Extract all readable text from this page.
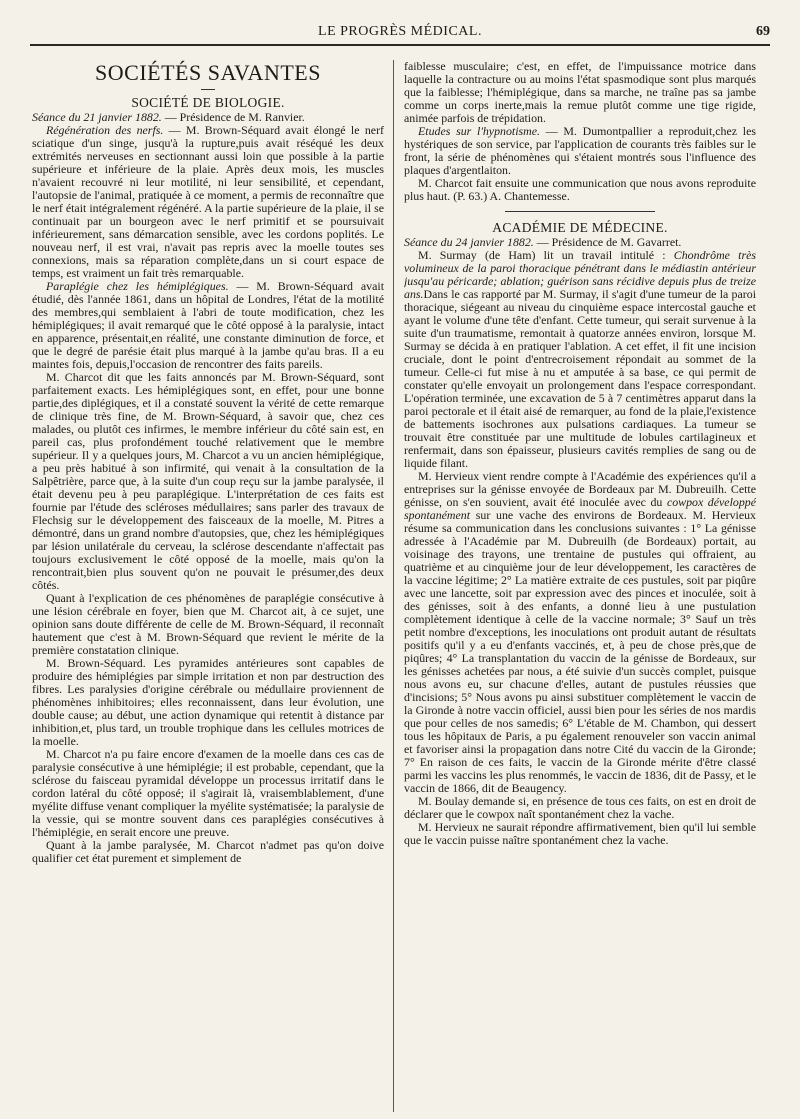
LE PROGRÈS MÉDICAL.	69

SOCIÉTÉS SAVANTES

SOCIÉTÉ DE BIOLOGIE.

Séance du 21 janvier 1882. — Présidence de M. Ranvier.

Régénération des nerfs. — M. Brown-Séquard avait élongé le nerf sciatique d'un singe, jusqu'à la rupture,puis avait réséqué les deux extrémités nerveuses en sectionnant aussi loin que possible à la partie supérieure et inférieure de la plaie. Après deux mois, les muscles n'avaient recouvré ni leur motilité, ni leur sensibilité, et cependant, l'autopsie de l'animal, pratiquée à ce moment, a permis de reconnaître que le nerf était intégralement régénéré. A la partie supérieure de la plaie, il se continuait par un bourgeon avec le nerf primitif et se poursuivait inférieurement, sans démarcation sensible, avec les cordons poplités. Le nouveau nerf, il est vrai, n'avait pas repris avec la moelle toutes ses connexions, mais sa réparation complète,dans un si court espace de temps, est vraiment un fait très remarquable.

Paraplégie chez les hémiplégiques. — M. Brown-Séquard avait étudié, dès l'année 1861, dans un hôpital de Londres, l'état de la motilité des membres,qui semblaient à l'abri de toute modification, chez les hémiplégiques; il avait remarqué que le côté opposé à la paralysie, intact en apparence, présentait,en réalité, une constante diminution de force, et que le degré de parésie était plus marqué à la jambe qu'au bras. Il a eu maintes fois, depuis,l'occasion de rencontrer des faits pareils.

M. Charcot dit que les faits annoncés par M. Brown-Séquard, sont parfaitement exacts. Les hémiplégiques sont, en effet, pour une bonne partie,des diplégiques, et il a constaté souvent la vérité de cette remarque de clinique très fine, de M. Brown-Séquard, à savoir que, chez ces malades, ou plutôt ces infirmes, le membre inférieur du côté sain est, en pareil cas, plus profondément touché relativement que le membre supérieur. Il y a quelques jours, M. Charcot a vu un ancien hémiplégique, a peu près habitué à son infirmité, qui venait à la consultation de la Salpêtrière, parce que, à la suite d'un coup reçu sur la jambe paralysée, il était devenu peu à peu paraplégique. L'interprétation de ces faits est fournie par l'étude des scléroses médullaires; sans parler des travaux de Flechsig sur le développement des faisceaux de la moelle, M. Pitres a démontré, dans un grand nombre d'autopsies, que, chez les hémiplégiques par lésion unilatérale du cerveau, la sclérose descendante n'affectait pas toujours exclusivement le côté opposé de la moelle, mais qu'on la rencontrait,bien plus souvent qu'on ne pouvait le présumer,des deux côtés.

Quant à l'explication de ces phénomènes de paraplégie consécutive à une lésion cérébrale en foyer, bien que M. Charcot ait, à ce sujet, une opinion sans doute différente de celle de M. Brown-Séquard, il reconnaît hautement que c'est à M. Brown-Séquard que revient le mérite de la première constatation clinique.

M. Brown-Séquard. Les pyramides antérieures sont capables de produire des hémiplégies par simple irritation et non par destruction des fibres. Les paralysies d'origine cérébrale ou médullaire proviennent de phénomènes inhibitoires; elles reconnaissent, dans leur évolution, une double cause; au début, une action dynamique qui retentit à distance par inhibition,et, plus tard, un trouble trophique dans les cellules motrices de la moelle.

M. Charcot n'a pu faire encore d'examen de la moelle dans ces cas de paralysie consécutive à une hémiplégie; il est probable, cependant, que la sclérose du faisceau pyramidal développe un processus irritatif dans le cordon latéral du côté opposé; il s'agirait là, vraisemblablement, d'une myélite diffuse venant compliquer la myélite systématisée; la paralysie de la vessie, qui se montre souvent dans ces paraplégies consécutives à l'hémiplégie, en serait encore une preuve.

Quant à la jambe paralysée, M. Charcot n'admet pas qu'on doive qualifier cet état purement et simplement de

faiblesse musculaire; c'est, en effet, de l'impuissance motrice dans laquelle la contracture ou au moins l'état spasmodique sont plus marqués que la faiblesse; l'hémiplégique, dans sa marche, ne traîne pas sa jambe comme un corps inerte,mais la remue plutôt comme une tige rigide, animée parfois de trépidation.

Etudes sur l'hypnotisme. — M. Dumontpallier a reproduit,chez les hystériques de son service, par l'application de courants très faibles sur le front, la série de phénomènes qui s'étaient montrés sous l'influence des plaques d'argentlaiton.

M. Charcot fait ensuite une communication que nous avons reproduite plus haut. (P. 63.) A. Chantemesse.

ACADÉMIE DE MÉDECINE.

Séance du 24 janvier 1882. — Présidence de M. Gavarret.

M. Surmay (de Ham) lit un travail intitulé : Chondrôme très volumineux de la paroi thoracique pénétrant dans le médiastin antérieur jusqu'au péricarde; ablation; guérison sans récidive depuis plus de treize ans.Dans le cas rapporté par M. Surmay, il s'agit d'une tumeur de la paroi thoracique, siégeant au niveau du cinquième espace intercostal gauche et ayant le volume d'une tête d'enfant. Cette tumeur, qui serait survenue à la suite d'un traumatisme, remontait à quatorze années environ, lorsque M. Surmay se décida à en pratiquer l'ablation. A cet effet, il fit une incision cruciale, dont le point d'entrecroisement répondait au sommet de la tumeur. Celle-ci fut mise à nu et amputée à sa base, ce qui permit de constater qu'elle envoyait un prolongement dans l'espace correspondant. L'opération terminée, une excavation de 5 à 7 centimètres apparut dans la paroi pectorale et il était aisé de remarquer, au fond de la plaie,l'existence de battements isochrones aux pulsations cardiaques. La tumeur se trouvait être constituée par une multitude de lobules cartilagineux et renfermait, dans son épaisseur, plusieurs cavités remplies de sang ou de liquide filant.

M. Hervieux vient rendre compte à l'Académie des expériences qu'il a entreprises sur la génisse envoyée de Bordeaux par M. Dubreuilh. Cette génisse, on s'en souvient, avait été inoculée avec du cowpox développé spontanément sur une vache des environs de Bordeaux. M. Hervieux résume sa communication dans les conclusions suivantes : 1° La génisse adressée à l'Académie par M. Dubreuilh (de Bordeaux) portait, au voisinage des trayons, une trentaine de pustules qui offraient, au quatrième et au cinquième jour de leur développement, les caractères de la vaccine légitime; 2° La matière extraite de ces pustules, soit par piqûre avec une lancette, soit par expression avec des pinces et inoculée, soit à des génisses, soit à des enfants, a donné lieu à une pustulation complètement identique à celle de la vaccine normale; 3° Sauf un très petit nombre d'exceptions, les inoculations ont produit autant de résultats positifs qu'il y a eu d'enfants vaccinés, et, à peu de chose près,que de piqûres; 4° La transplantation du vaccin de la génisse de Bordeaux, sur les génisses achetées par nous, a été suivie d'un succès complet, puisque nous avons eu, sur chacune d'elles, autant de pustules réussies que d'incisions; 5° Nous avons pu ainsi substituer complètement le vaccin de la Gironde à notre vaccin officiel, aussi bien pour les séries de nos mardis que pour celles de nos samedis; 6° L'étable de M. Chambon, qui dessert tous les hôpitaux de Paris, a pu également renouveler son vaccin animal et favoriser ainsi la propagation dans notre Cité du vaccin de la Gironde; 7° En raison de ces faits, le vaccin de la Gironde mérite d'être classé parmi les vaccins les plus renommés, le vaccin de 1836, dit de Passy, et le vaccin de 1866, dit de Beaugency.

M. Boulay demande si, en présence de tous ces faits, on est en droit de déclarer que le cowpox naît spontanément chez la vache.

M. Hervieux ne saurait répondre affirmativement, bien qu'il lui semble que le vaccin puisse naître spontanément chez la vache.
